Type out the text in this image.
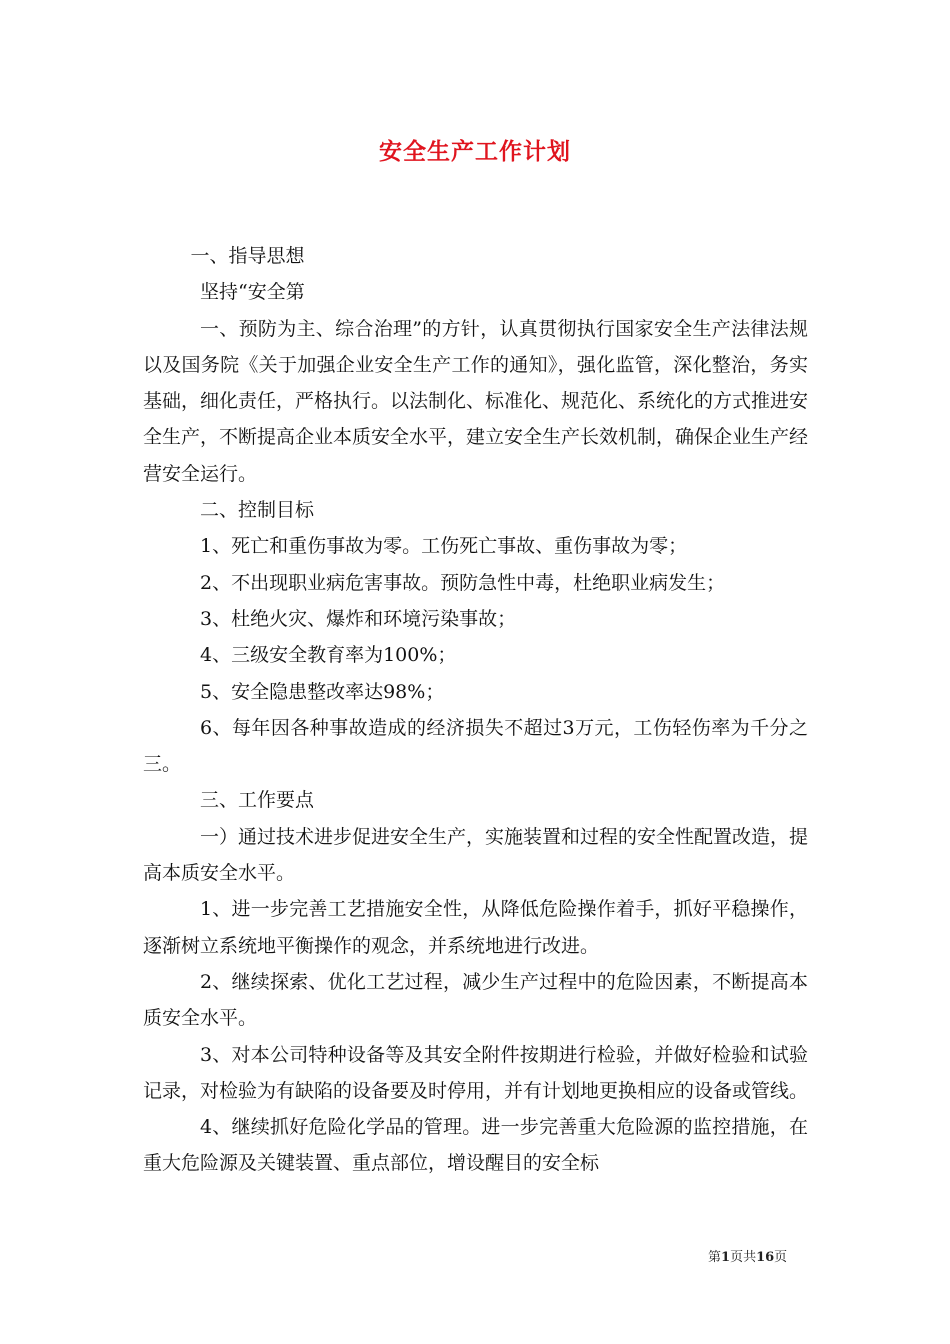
安全生产工作计划

一、指导思想

坚持“安全第

一、预防为主、综合治理”的方针，认真贯彻执行国家安全生产法律法规以及国务院《关于加强企业安全生产工作的通知》，强化监管，深化整治，务实基础，细化责任，严格执行。以法制化、标准化、规范化、系统化的方式推进安全生产，不断提高企业本质安全水平，建立安全生产长效机制，确保企业生产经营安全运行。

二、控制目标

1、死亡和重伤事故为零。工伤死亡事故、重伤事故为零；

2、不出现职业病危害事故。预防急性中毒，杜绝职业病发生；

3、杜绝火灾、爆炸和环境污染事故；

4、三级安全教育率为100%；

5、安全隐患整改率达98%；

6、每年因各种事故造成的经济损失不超过3万元，工伤轻伤率为千分之三。

三、工作要点

一）通过技术进步促进安全生产，实施装置和过程的安全性配置改造，提高本质安全水平。

1、进一步完善工艺措施安全性，从降低危险操作着手，抓好平稳操作，逐渐树立系统地平衡操作的观念，并系统地进行改进。

2、继续探索、优化工艺过程，减少生产过程中的危险因素，不断提高本质安全水平。

3、对本公司特种设备等及其安全附件按期进行检验，并做好检验和试验记录，对检验为有缺陷的设备要及时停用，并有计划地更换相应的设备或管线。

4、继续抓好危险化学品的管理。进一步完善重大危险源的监控措施，在重大危险源及关键装置、重点部位，增设醒目的安全标

第1页共16页
